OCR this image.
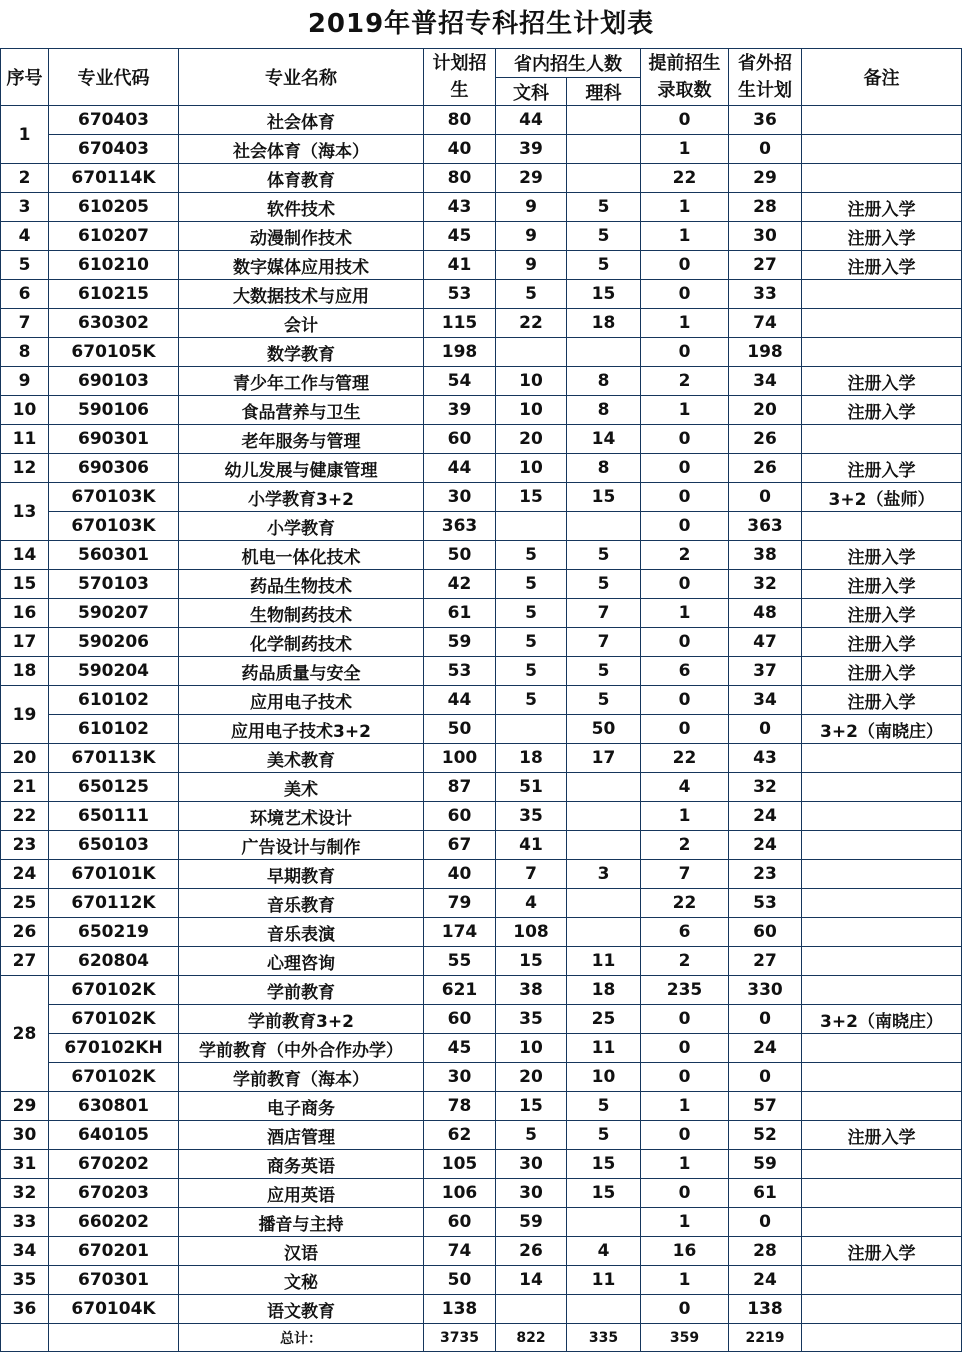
2019年普招专科招生计划表
序号	专业代码	专业名称	计划招生	省内招生人数		提前招生录取数	省外招生计划	备注
				文科	理科			
1	670403	社会体育	80	44		0	36	
	670403	社会体育（海本）	40	39		1	0	
2	670114K	体育教育	80	29		22	29	
3	610205	软件技术	43	9	5	1	28	注册入学
4	610207	动漫制作技术	45	9	5	1	30	注册入学
5	610210	数字媒体应用技术	41	9	5	0	27	注册入学
6	610215	大数据技术与应用	53	5	15	0	33	
7	630302	会计	115	22	18	1	74	
8	670105K	数学教育	198			0	198	
9	690103	青少年工作与管理	54	10	8	2	34	注册入学
10	590106	食品营养与卫生	39	10	8	1	20	注册入学
11	690301	老年服务与管理	60	20	14	0	26	
12	690306	幼儿发展与健康管理	44	10	8	0	26	注册入学
13	670103K	小学教育3+2	30	15	15	0	0	3+2（盐师）
	670103K	小学教育	363			0	363	
14	560301	机电一体化技术	50	5	5	2	38	注册入学
15	570103	药品生物技术	42	5	5	0	32	注册入学
16	590207	生物制药技术	61	5	7	1	48	注册入学
17	590206	化学制药技术	59	5	7	0	47	注册入学
18	590204	药品质量与安全	53	5	5	6	37	注册入学
19	610102	应用电子技术	44	5	5	0	34	注册入学
	610102	应用电子技术3+2	50		50	0	0	3+2（南晓庄）
20	670113K	美术教育	100	18	17	22	43	
21	650125	美术	87	51		4	32	
22	650111	环境艺术设计	60	35		1	24	
23	650103	广告设计与制作	67	41		2	24	
24	670101K	早期教育	40	7	3	7	23	
25	670112K	音乐教育	79	4		22	53	
26	650219	音乐表演	174	108		6	60	
27	620804	心理咨询	55	15	11	2	27	
28	670102K	学前教育	621	38	18	235	330	
	670102K	学前教育3+2	60	35	25	0	0	3+2（南晓庄）
	670102KH	学前教育（中外合作办学）	45	10	11	0	24	
	670102K	学前教育（海本）	30	20	10	0	0	
29	630801	电子商务	78	15	5	1	57	
30	640105	酒店管理	62	5	5	0	52	注册入学
31	670202	商务英语	105	30	15	1	59	
32	670203	应用英语	106	30	15	0	61	
33	660202	播音与主持	60	59		1	0	
34	670201	汉语	74	26	4	16	28	注册入学
35	670301	文秘	50	14	11	1	24	
36	670104K	语文教育	138			0	138	
		总计：	3735	822	335	359	2219	
